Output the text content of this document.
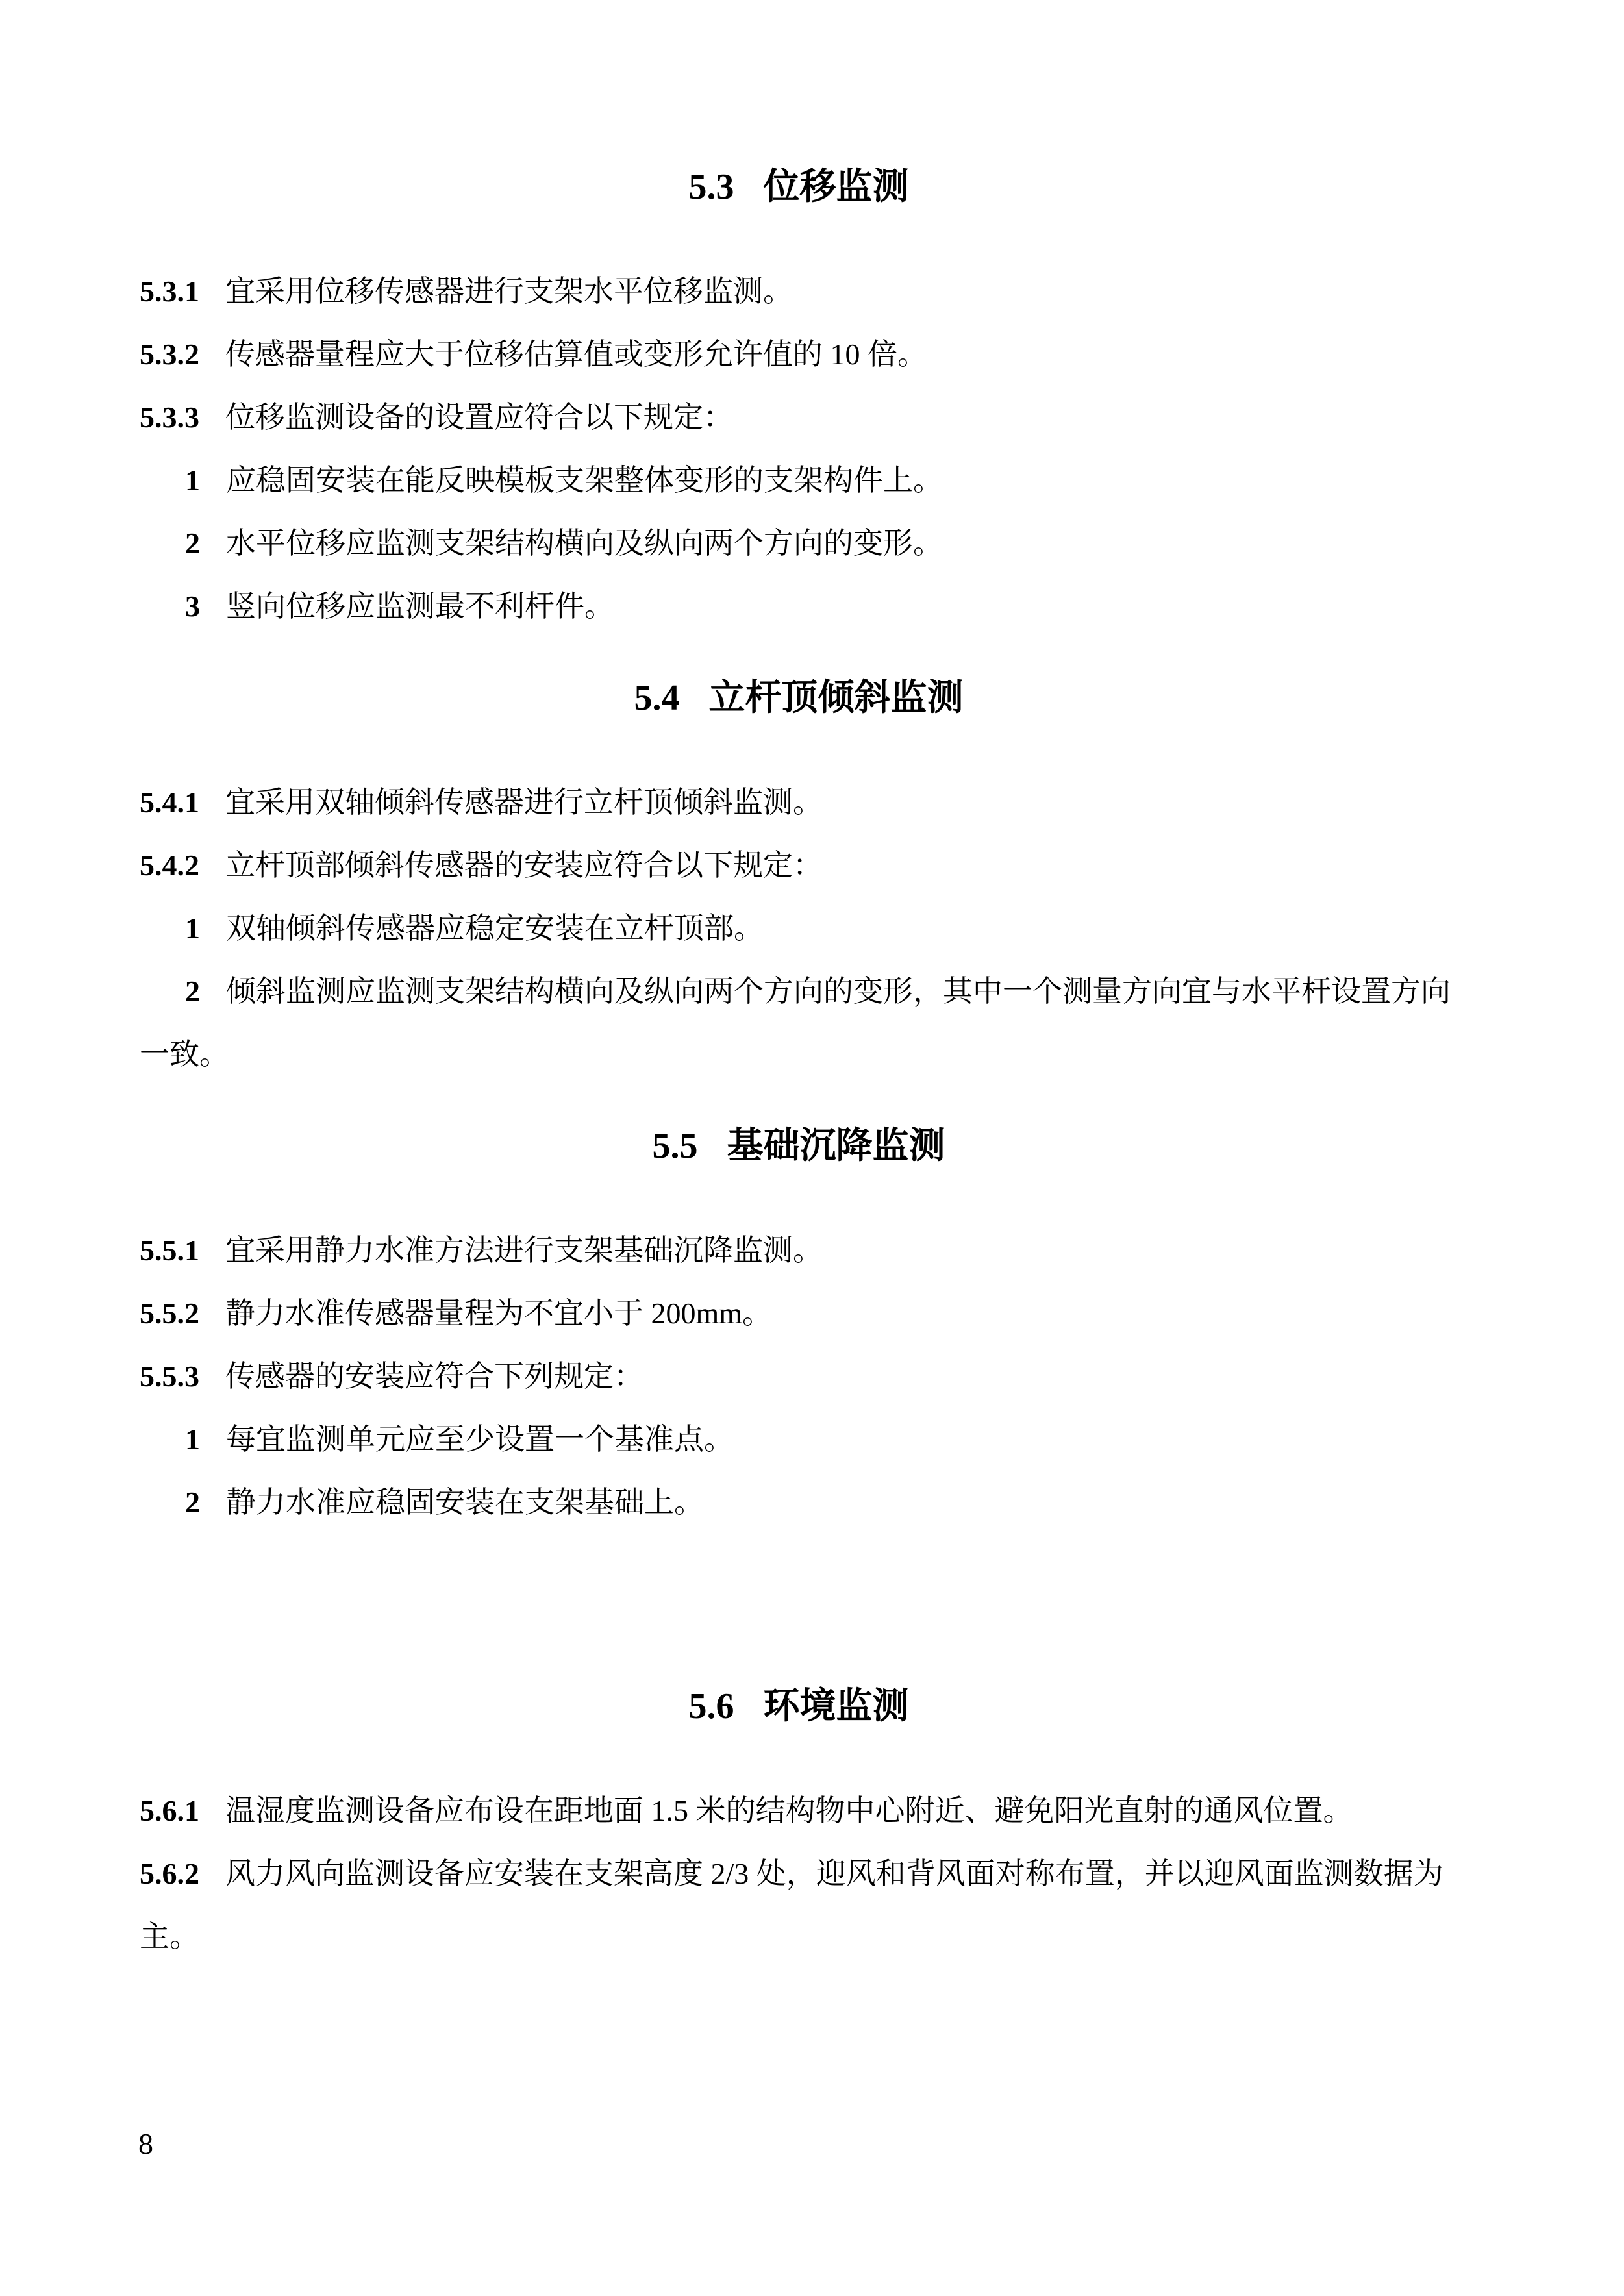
5.3 位移监测

5.3.1 宜采用位移传感器进行支架水平位移监测。

5.3.2 传感器量程应大于位移估算值或变形允许值的 10 倍。

5.3.3 位移监测设备的设置应符合以下规定：

1 应稳固安装在能反映模板支架整体变形的支架构件上。

2 水平位移应监测支架结构横向及纵向两个方向的变形。

3 竖向位移应监测最不利杆件。

5.4 立杆顶倾斜监测

5.4.1 宜采用双轴倾斜传感器进行立杆顶倾斜监测。

5.4.2 立杆顶部倾斜传感器的安装应符合以下规定：

1 双轴倾斜传感器应稳定安装在立杆顶部。

2 倾斜监测应监测支架结构横向及纵向两个方向的变形，其中一个测量方向宜与水平杆设置方向一致。

5.5 基础沉降监测

5.5.1 宜采用静力水准方法进行支架基础沉降监测。

5.5.2 静力水准传感器量程为不宜小于 200mm。

5.5.3 传感器的安装应符合下列规定：

1 每宜监测单元应至少设置一个基准点。

2 静力水准应稳固安装在支架基础上。

5.6 环境监测

5.6.1 温湿度监测设备应布设在距地面 1.5 米的结构物中心附近、避免阳光直射的通风位置。

5.6.2 风力风向监测设备应安装在支架高度 2/3 处，迎风和背风面对称布置，并以迎风面监测数据为主。

8
